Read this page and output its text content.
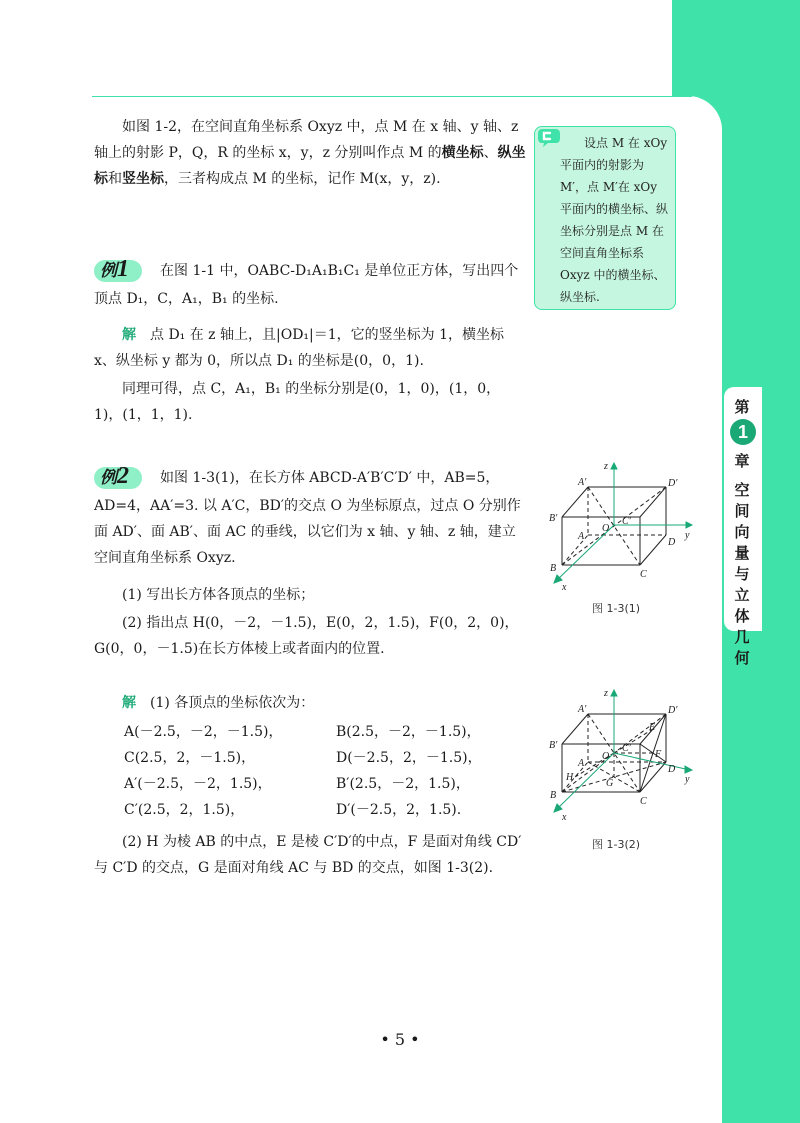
如图 1-2，在空间直角坐标系 Oxyz 中，点 M 在 x 轴、y 轴、z 轴上的射影 P，Q，R 的坐标 x，y，z 分别叫作点 M 的横坐标、纵坐标和竖坐标，三者构成点 M 的坐标，记作 M(x，y，z).

例1 在图 1-1 中，OABC-D₁A₁B₁C₁ 是单位正方体，写出四个顶点 D₁，C，A₁，B₁ 的坐标.

解　 点 D₁ 在 z 轴上，且|OD₁|＝1，它的竖坐标为 1，横坐标 x、纵坐标 y 都为 0，所以点 D₁ 的坐标是(0，0，1).

同理可得，点 C，A₁，B₁ 的坐标分别是(0，1，0)，(1，0，1)，(1，1，1).

例2 如图 1-3(1)，在长方体 ABCD-A′B′C′D′ 中，AB=5，AD=4，AA′=3. 以 A′C，BD′的交点 O 为坐标原点，过点 O 分别作面 AD′、面 AB′、面 AC 的垂线，以它们为 x 轴、y 轴、z 轴，建立空间直角坐标系 Oxyz.

(1) 写出长方体各顶点的坐标；

(2) 指出点 H(0，－2，－1.5)，E(0，2，1.5)，F(0，2，0)，G(0，0，－1.5)在长方体棱上或者面内的位置.

解　 (1) 各顶点的坐标依次为：

A(－2.5，－2，－1.5)，	B(2.5，－2，－1.5)，
C(2.5，2，－1.5)，	D(－2.5，2，－1.5)，
A′(－2.5，－2，1.5)，	B′(2.5，－2，1.5)，
C′(2.5，2，1.5)，	D′(－2.5，2，1.5).

(2) H 为棱 AB 的中点，E 是棱 C′D′的中点，F 是面对角线 CD′与 C′D 的交点，G 是面对角线 AC 与 BD 的交点，如图 1-3(2).

设点 M 在 xOy 平面内的射影为 M′，点 M′在 xOy 平面内的横坐标、纵坐标分别是点 M 在空间直角坐标系 Oxyz 中的横坐标、纵坐标.

第
1
章
空间向量与立体几何
z
y
x
A′
B′	C′
D′
A
B
C
D
O
图 1-3(1)
z
y
x
A′
B′	C′
D′
A
B
C
D
O
E
F
G
H
图 1-3(2)
• 5 •
